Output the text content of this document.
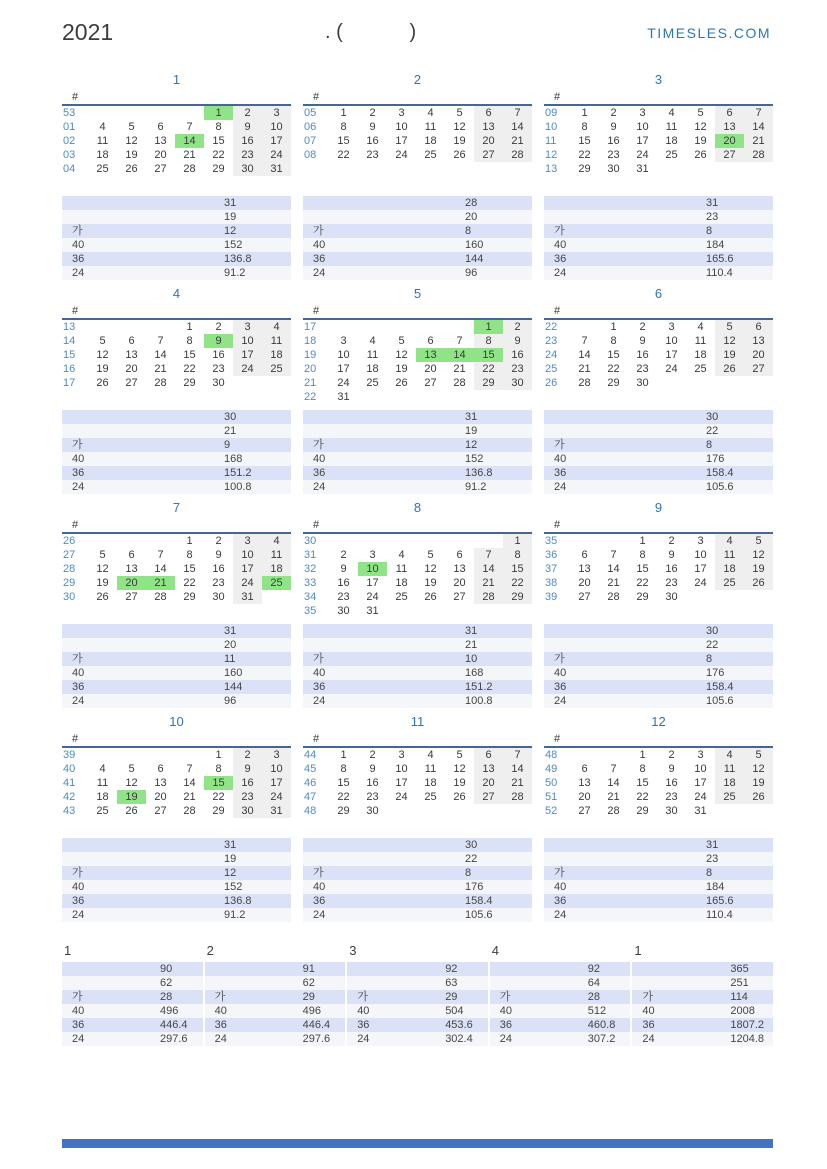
2021	. (            )	TIMESLES.COM
1
#							
53					1	2	3
01	4	5	6	7	8	9	10
02	11	12	13	14	15	16	17
03	18	19	20	21	22	23	24
04	25	26	27	28	29	30	31
	31
	19
가	12
40	152
36	136.8
24	91.2
2
#							
05	1	2	3	4	5	6	7
06	8	9	10	11	12	13	14
07	15	16	17	18	19	20	21
08	22	23	24	25	26	27	28
	28
	20
가	8
40	160
36	144
24	96
3
#							
09	1	2	3	4	5	6	7
10	8	9	10	11	12	13	14
11	15	16	17	18	19	20	21
12	22	23	24	25	26	27	28
13	29	30	31				
	31
	23
가	8
40	184
36	165.6
24	110.4
4
#							
13				1	2	3	4
14	5	6	7	8	9	10	11
15	12	13	14	15	16	17	18
16	19	20	21	22	23	24	25
17	26	27	28	29	30		
	30
	21
가	9
40	168
36	151.2
24	100.8
5
#							
17						1	2
18	3	4	5	6	7	8	9
19	10	11	12	13	14	15	16
20	17	18	19	20	21	22	23
21	24	25	26	27	28	29	30
22	31						
	31
	19
가	12
40	152
36	136.8
24	91.2
6
#							
22		1	2	3	4	5	6
23	7	8	9	10	11	12	13
24	14	15	16	17	18	19	20
25	21	22	23	24	25	26	27
26	28	29	30				
	30
	22
가	8
40	176
36	158.4
24	105.6
7
#							
26				1	2	3	4
27	5	6	7	8	9	10	11
28	12	13	14	15	16	17	18
29	19	20	21	22	23	24	25
30	26	27	28	29	30	31	
	31
	20
가	11
40	160
36	144
24	96
8
#							
30							1
31	2	3	4	5	6	7	8
32	9	10	11	12	13	14	15
33	16	17	18	19	20	21	22
34	23	24	25	26	27	28	29
35	30	31					
	31
	21
가	10
40	168
36	151.2
24	100.8
9
#							
35			1	2	3	4	5
36	6	7	8	9	10	11	12
37	13	14	15	16	17	18	19
38	20	21	22	23	24	25	26
39	27	28	29	30			
	30
	22
가	8
40	176
36	158.4
24	105.6
10
#							
39					1	2	3
40	4	5	6	7	8	9	10
41	11	12	13	14	15	16	17
42	18	19	20	21	22	23	24
43	25	26	27	28	29	30	31
	31
	19
가	12
40	152
36	136.8
24	91.2
11
#							
44	1	2	3	4	5	6	7
45	8	9	10	11	12	13	14
46	15	16	17	18	19	20	21
47	22	23	24	25	26	27	28
48	29	30					
	30
	22
가	8
40	176
36	158.4
24	105.6
12
#							
48			1	2	3	4	5
49	6	7	8	9	10	11	12
50	13	14	15	16	17	18	19
51	20	21	22	23	24	25	26
52	27	28	29	30	31		
	31
	23
가	8
40	184
36	165.6
24	110.4
1
	90
	62
가	28
40	496
36	446.4
24	297.6
2
	91
	62
가	29
40	496
36	446.4
24	297.6
3
	92
	63
가	29
40	504
36	453.6
24	302.4
4
	92
	64
가	28
40	512
36	460.8
24	307.2
1
	365
	251
가	114
40	2008
36	1807.2
24	1204.8
